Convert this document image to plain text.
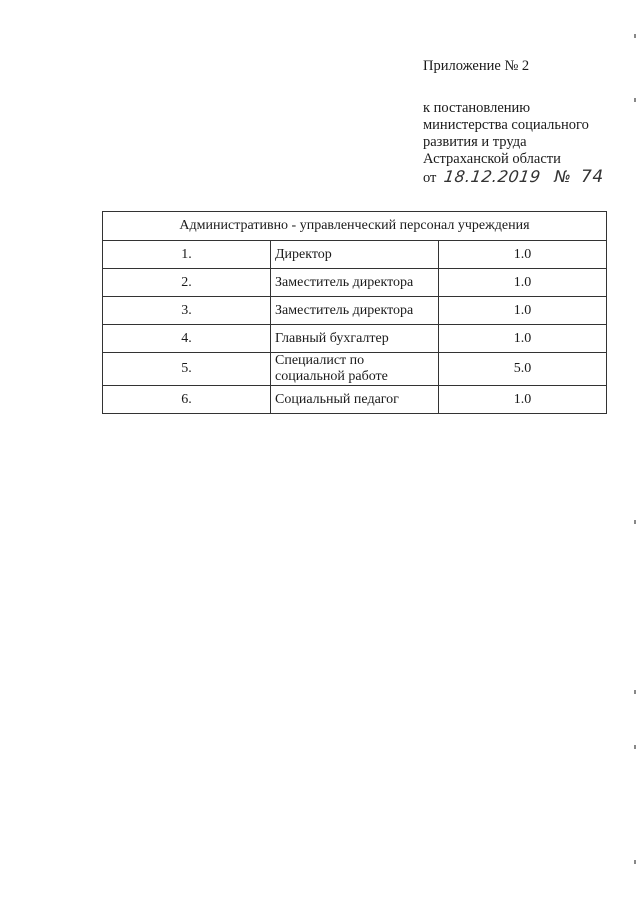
Приложение № 2

к постановлению
министерства социального
развития и труда
Астраханской области
от 18.12.2019 № 74
Административно - управленческий персонал учреждения		
1.	Директор	1.0
2.	Заместитель директора	1.0
3.	Заместитель директора	1.0
4.	Главный бухгалтер	1.0
5.	Специалист по социальной работе	5.0
6.	Социальный педагог	1.0
